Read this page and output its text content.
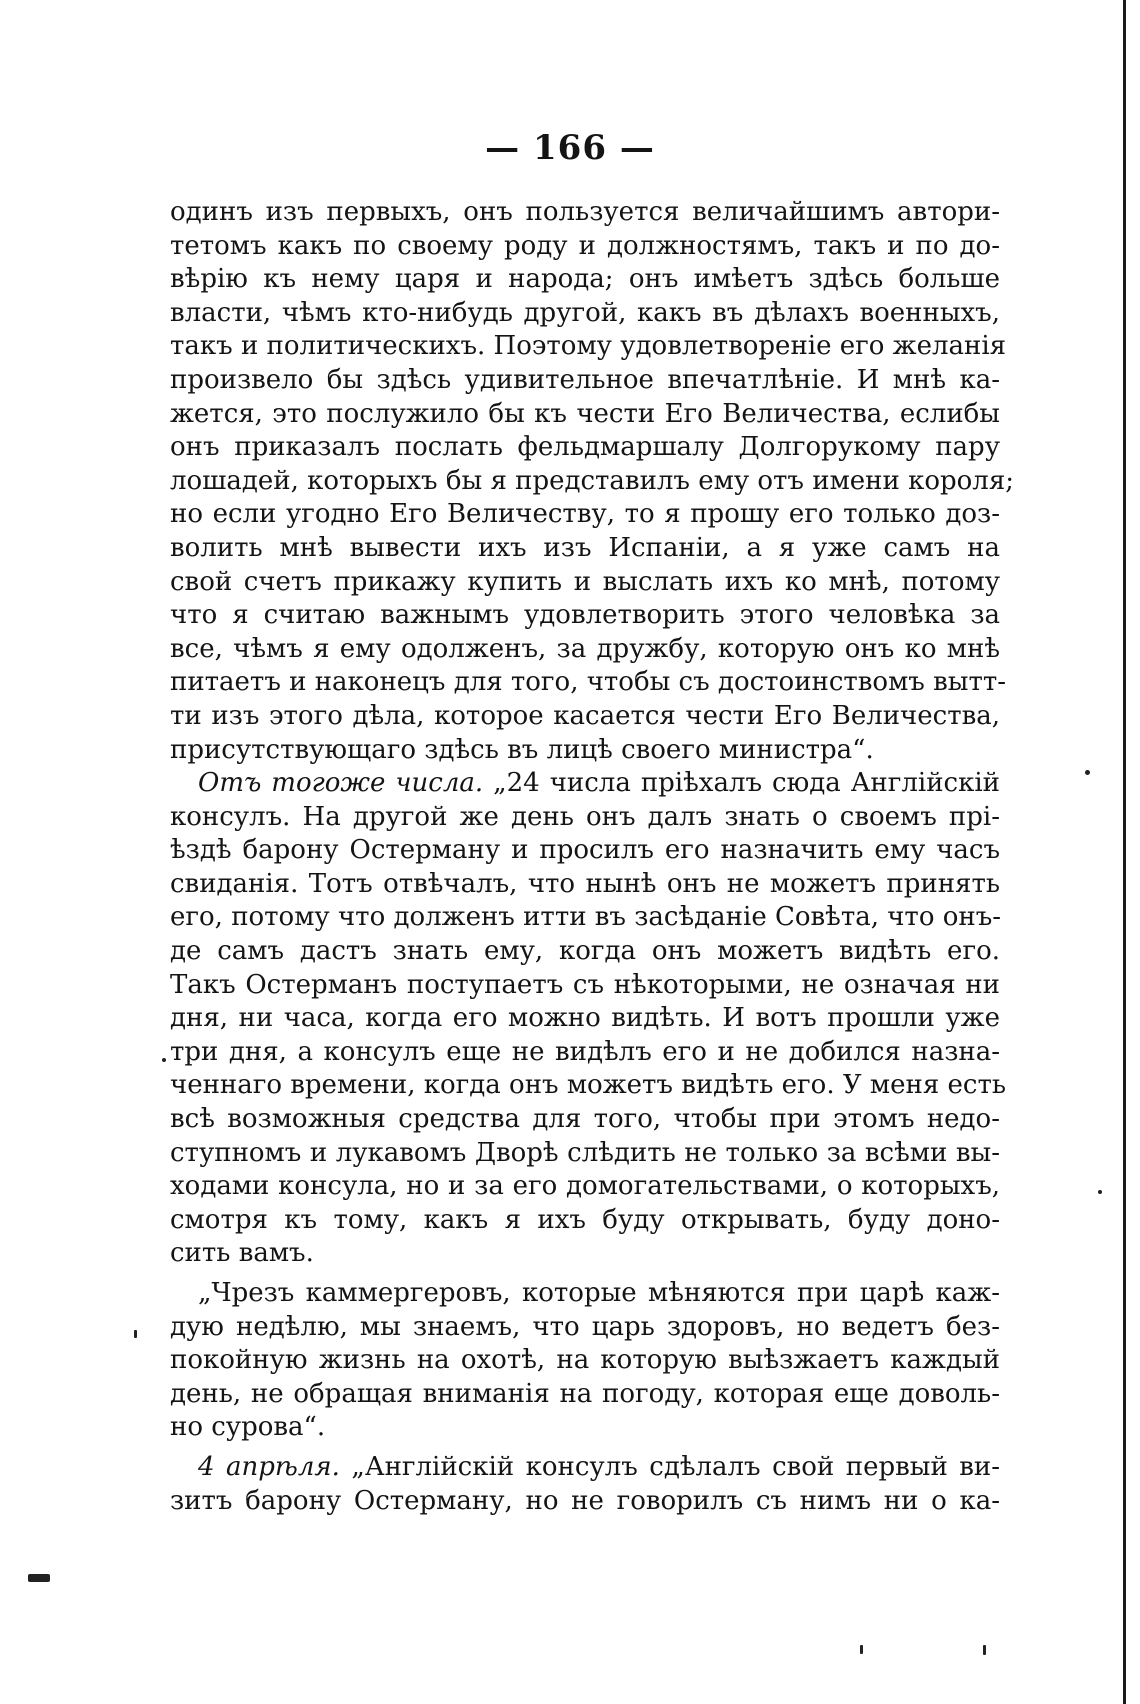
— 166 —
одинъ изъ первыхъ, онъ пользуется величайшимъ автори-
тетомъ какъ по своему роду и должностямъ, такъ и по до-
вѣрію къ нему царя и народа; онъ имѣетъ здѣсь больше
власти, чѣмъ кто-нибудь другой, какъ въ дѣлахъ военныхъ,
такъ и политическихъ. Поэтому удовлетвореніе его желанія
произвело бы здѣсь удивительное впечатлѣніе. И мнѣ ка-
жется, это послужило бы къ чести Его Величества, еслибы
онъ приказалъ послать фельдмаршалу Долгорукому пару
лошадей, которыхъ бы я представилъ ему отъ имени короля;
но если угодно Его Величеству, то я прошу его только доз-
волить мнѣ вывести ихъ изъ Испаніи, а я уже самъ на
свой счетъ прикажу купить и выслать ихъ ко мнѣ, потому
что я считаю важнымъ удовлетворить этого человѣка за
все, чѣмъ я ему одолженъ, за дружбу, которую онъ ко мнѣ
питаетъ и наконецъ для того, чтобы съ достоинствомъ вытт-
ти изъ этого дѣла, которое касается чести Его Величества,
присутствующаго здѣсь въ лицѣ своего министра“.
Отъ тогоже числа. „24 числа пріѣхалъ сюда Англійскій
консулъ. На другой же день онъ далъ знать о своемъ прі-
ѣздѣ барону Остерману и просилъ его назначить ему часъ
свиданія. Тотъ отвѣчалъ, что нынѣ онъ не можетъ принять
его, потому что долженъ итти въ засѣданіе Совѣта, что онъ-
де самъ дастъ знать ему, когда онъ можетъ видѣть его.
Такъ Остерманъ поступаетъ съ нѣкоторыми, не означая ни
дня, ни часа, когда его можно видѣть. И вотъ прошли уже
три дня, а консулъ еще не видѣлъ его и не добился назна-
ченнаго времени, когда онъ можетъ видѣть его. У меня есть
всѣ возможныя средства для того, чтобы при этомъ недо-
ступномъ и лукавомъ Дворѣ слѣдить не только за всѣми вы-
ходами консула, но и за его домогательствами, о которыхъ,
смотря къ тому, какъ я ихъ буду открывать, буду доно-
сить вамъ.
„Чрезъ каммергеровъ, которые мѣняются при царѣ каж-
дую недѣлю, мы знаемъ, что царь здоровъ, но ведетъ без-
покойную жизнь на охотѣ, на которую выѣзжаетъ каждый
день, не обращая вниманія на погоду, которая еще доволь-
но сурова“.
4 апрѣля. „Англійскій консулъ сдѣлалъ свой первый ви-
зитъ барону Остерману, но не говорилъ съ нимъ ни о ка-
